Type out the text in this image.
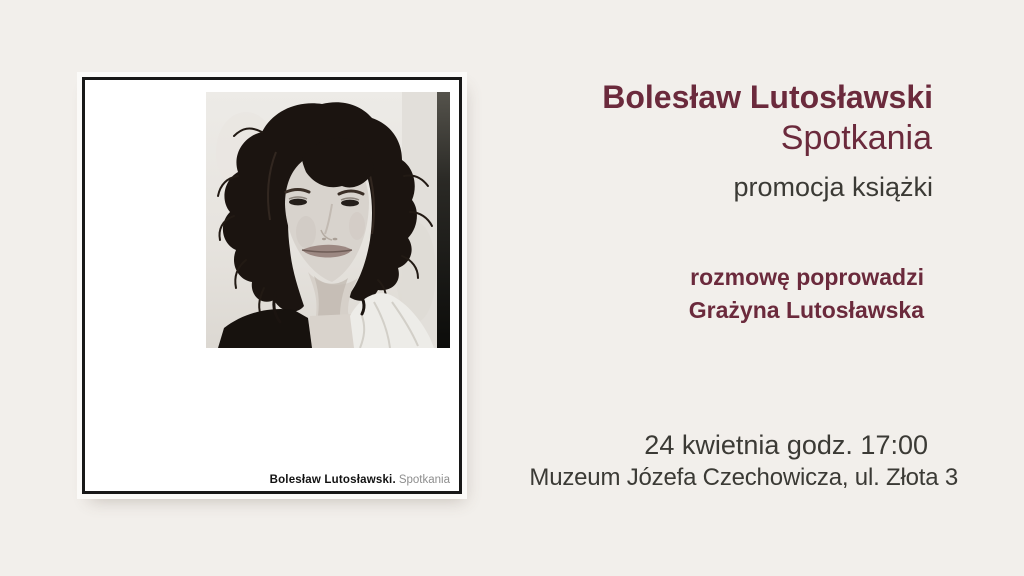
Bolesław Lutosławski. Spotkania
Bolesław Lutosławski
Spotkania
promocja książki
rozmowę poprowadzi
Grażyna Lutosławska
24 kwietnia godz. 17:00
Muzeum Józefa Czechowicza, ul. Złota 3
